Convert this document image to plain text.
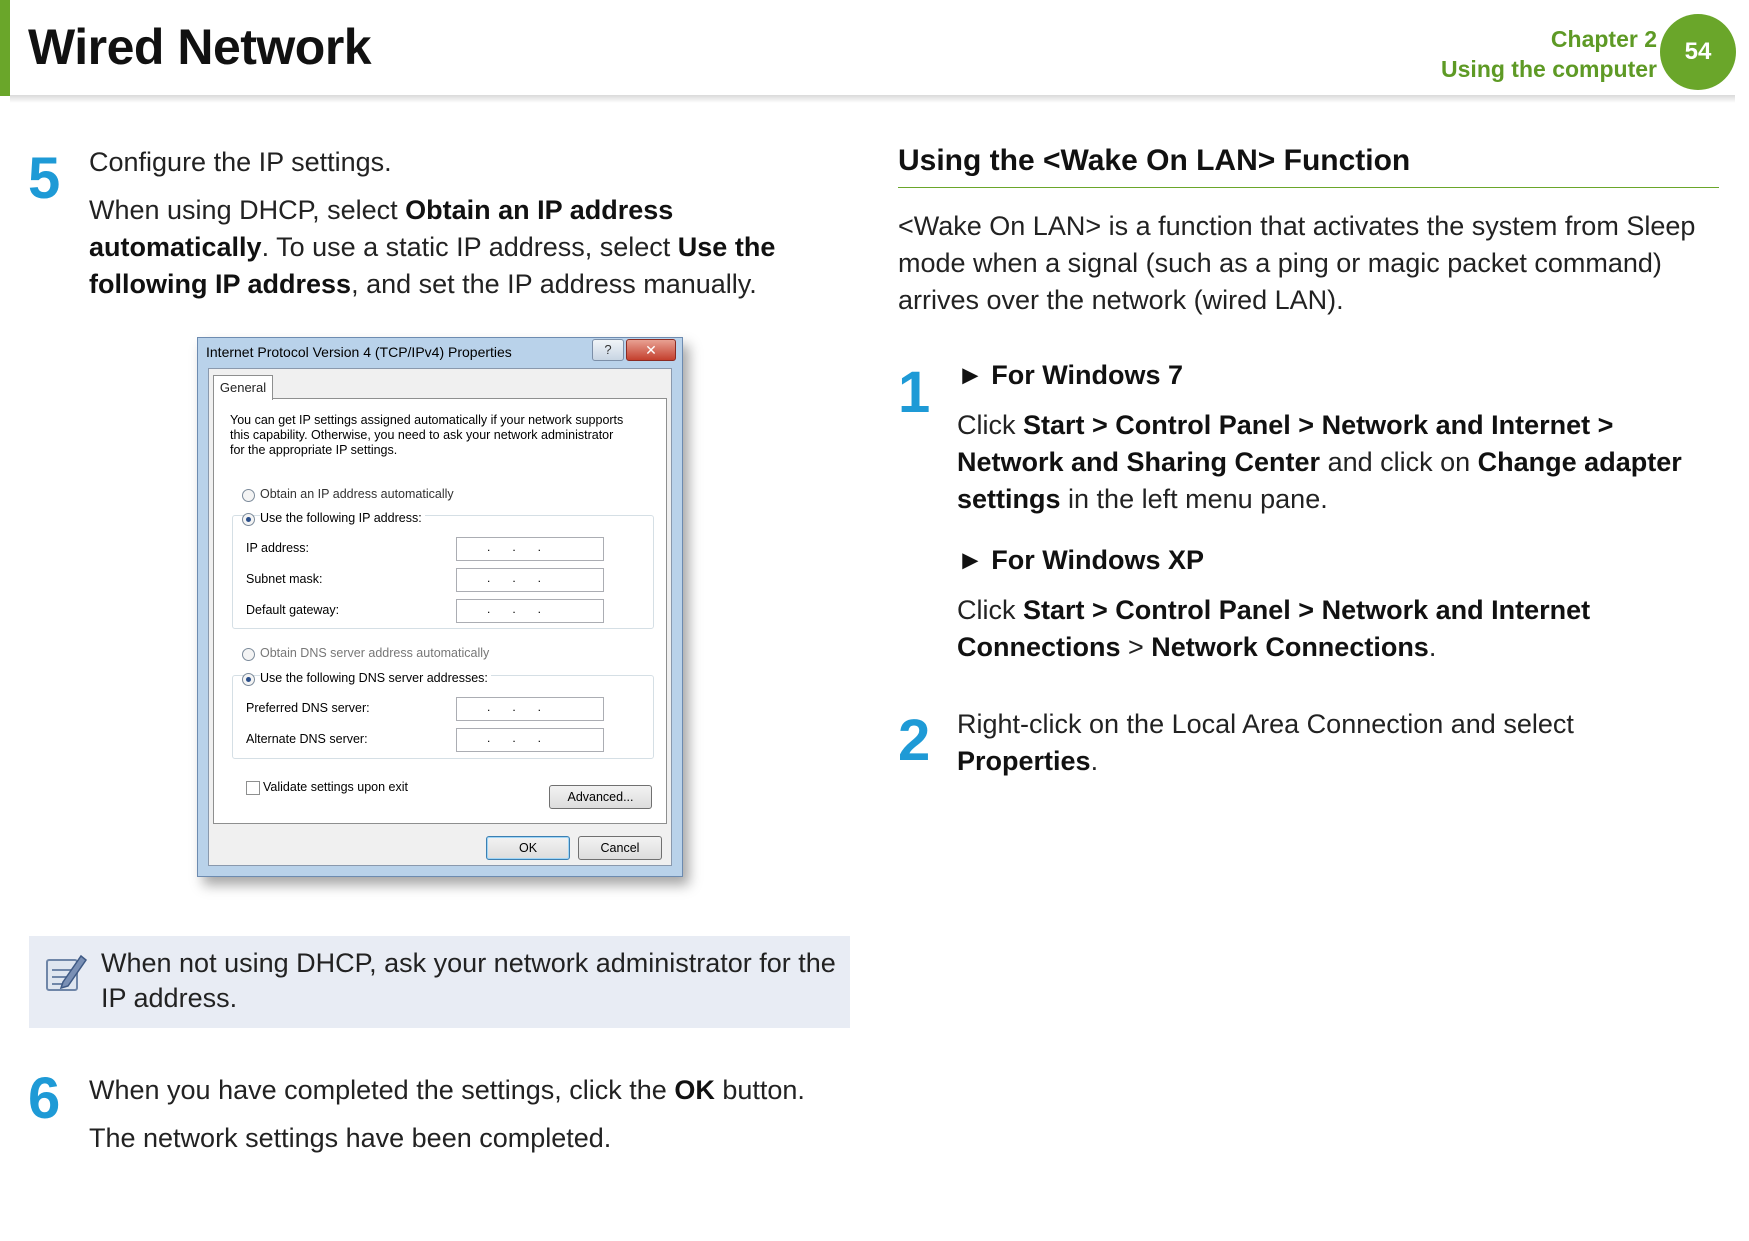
Wired Network	Chapter 2
Using the computer
54
5 Configure the IP settings.
When using DHCP, select Obtain an IP address
automatically. To use a static IP address, select Use the
following IP address, and set the IP address manually.
Internet Protocol Version 4 (TCP/IPv4) Properties	?	✕
General
You can get IP settings assigned automatically if your network supports
this capability. Otherwise, you need to ask your network administrator
for the appropriate IP settings.
Obtain an IP address automatically
Use the following IP address:
IP address:	...
Subnet mask:	...
Default gateway:	...
Obtain DNS server address automatically
Use the following DNS server addresses:
Preferred DNS server:	...
Alternate DNS server:	...
Validate settings upon exit
Advanced...
OK	Cancel
When not using DHCP, ask your network administrator for the
IP address.
6 When you have completed the settings, click the OK button.
The network settings have been completed.
Using the <Wake On LAN> Function
<Wake On LAN> is a function that activates the system from Sleep
mode when a signal (such as a ping or magic packet command)
arrives over the network (wired LAN).
1 ► For Windows 7
Click Start > Control Panel > Network and Internet >
Network and Sharing Center and click on Change adapter
settings in the left menu pane.
► For Windows XP
Click Start > Control Panel > Network and Internet
Connections > Network Connections.
2 Right-click on the Local Area Connection and select
Properties.
